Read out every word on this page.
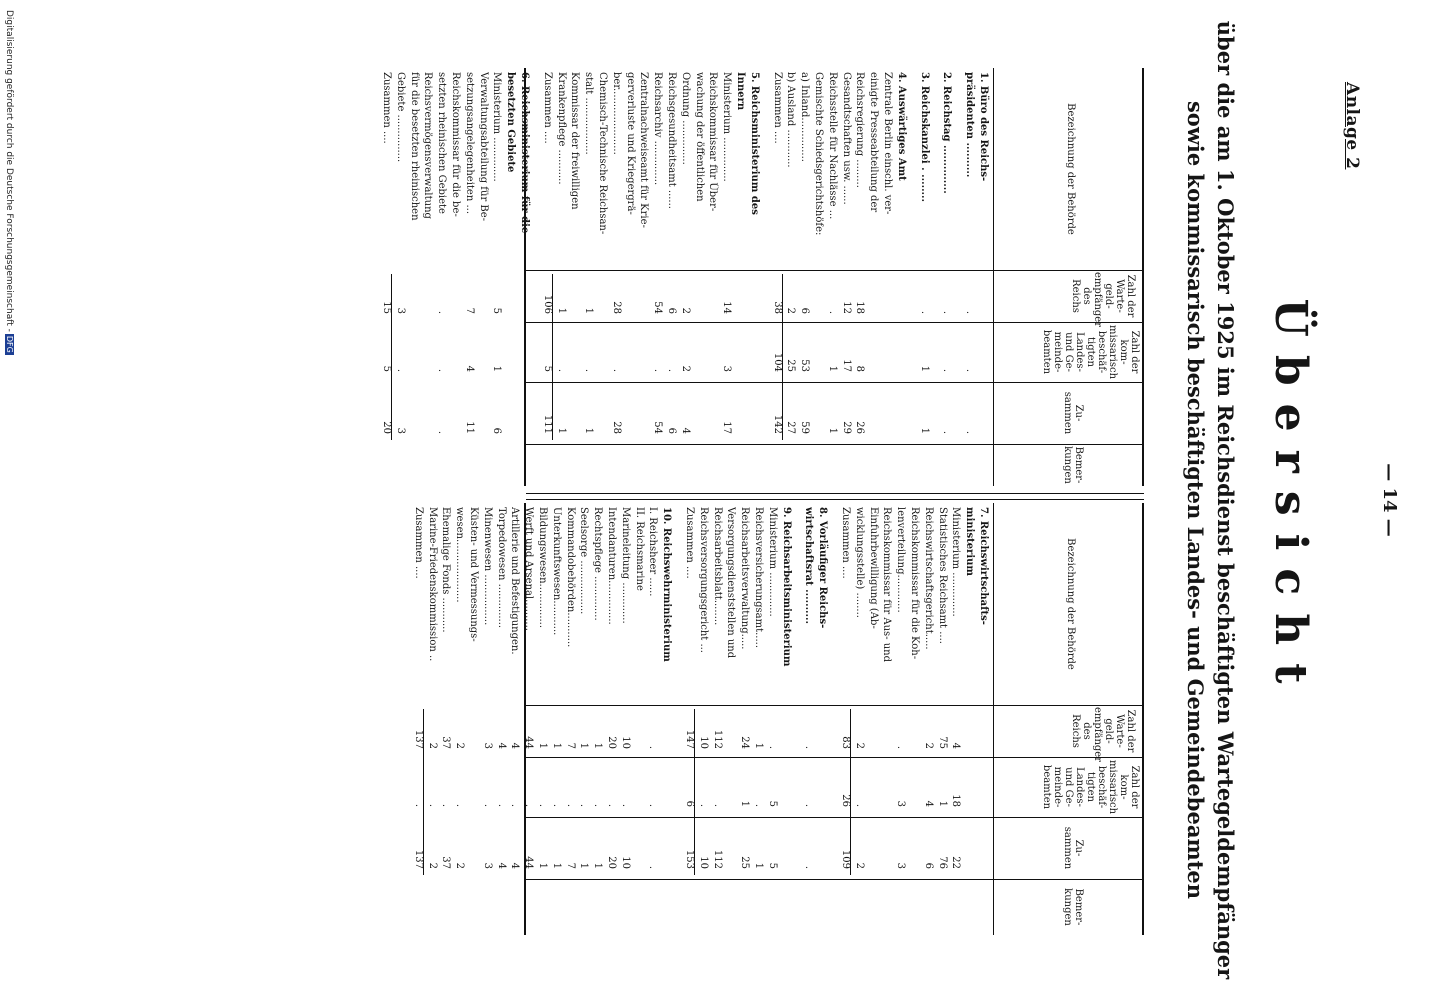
Anlage 2
— 14 —
Übersicht
über die am 1. Oktober 1925 im Reichsdienst beschäftigten Wartegeldempfänger
sowie kommissarisch beschäftigten Landes- und Gemeindebeamten
Bezeichnung der Behörde
Zahl der Warte- geld- empfänger des Reichs
Zahl der kom- missarisch beschäf- tigten Landes- und Ge- meinde- beamten
Zu- sammen
Bemer- kungen
1. Büro des Reichs-
präsidenten ..........
.
.
.
2. Reichstag ..............
.
.
.
3. Reichskanzlei . ........
.
1
1
4. Auswärtiges Amt
Zentrale Berlin einschl. ver-
einigte Presseabteilung der
Reichsregierung .........
18
8
26
Gesandtschaften usw. ......
12
17
29
Reichsstelle für Nachlässe ...
.
1
1
Gemischte Schiedsgerichtshöfe:
a) Inland..............
6
53
59
b) Ausland ............
2
25
27
Zusammen ....
38
104
142
5. Reichsministerium des
Innern
Ministerium ..............
14
3
17
Reichskommissar für Über-
wachung der öffentlichen
Ordnung ..............
2
2
4
Reichsgesundheitsamt ......
6
.
6
Reichsarchiv ..............
54
.
54
Zentralnachweiseamt für Krie-
gerverluste und Kriegergrä-
ber.....................
28
.
28
Chemisch-Technische Reichsan-
stalt ..................
1
.
1
Kommissar der freiwilligen
Krankenpflege ...........
1
.
1
Zusammen ....
106
5
111
6. Reichsministerium für die
besetzten Gebiete
Ministerium ..............
5
1
6
Verwaltungsabteilung für Be-
setzungsangelegenheiten ...
7
4
11
Reichskommissar für die be-
setzten rheinischen Gebiete
.
.
.
Reichsvermögensverwaltung
für die besetzten rheinischen
Gebiete ...............
3
.
3
Zusammen ....
15
5
20
Bezeichnung der Behörde
Zahl der Warte- geld- empfänger des Reichs
Zahl der kom- missarisch beschäf- tigten Landes- und Ge- meinde- beamten
Zu- sammen
Bemer- kungen
7. Reichswirtschafts-
ministerium
Ministerium ..............
4
18
22
Statistisches Reichsamt ....
75
1
76
Reichswirtschaftsgericht.....
2
4
6
Reichskommissar für die Koh-
lenverteilung............
.
3
3
Reichskommissar für Aus- und
Einfuhrbewilligung (Ab-
wicklungsstelle) ........
2
.
2
Zusammen ....
83
26
109
8. Vorläufiger Reichs-
wirtschaftsrat ..........
.
.
.
9. Reichsarbeitsministerium
Ministerium ..............
.
5
5
Reichsversicherungsamt.....
1
.
1
Reichsarbeitsverwaltung.....
24
1
25
Versorgungsdienststellen und
Reichsarbeitsblatt........
112
.
112
Reichsversorgungsgericht ...
10
.
10
Zusammen ....
147
6
153
10. Reichswehrministerium
I. Reichsheer ......
.
.
.
II. Reichsmarine
Marineleitung .............
10
.
10
Intendanturen..............
20
.
20
Rechtspflege ..............
1
.
1
Seelsorge .................
1
.
1
Kommandobehörden...........
7
.
7
Unterkunftswesen...........
1
.
1
Bildungswesen..............
1
.
1
Werft und Arsenal..........
44
.
44
Artillerie und Befestigungen.
4
.
4
Torpedowesen ..............
4
.
4
Minenwesen ................
3
.
3
Küsten- und Vermessungs-
wesen....................
2
.
2
Ehemalige Fonds ...........
37
.
37
Marine-Friedenskommission ..
2
.
2
Zusammen ....
137
.
137
Digitalisierung gefördert durch die Deutsche Forschungsgemeinschaft -DFG
